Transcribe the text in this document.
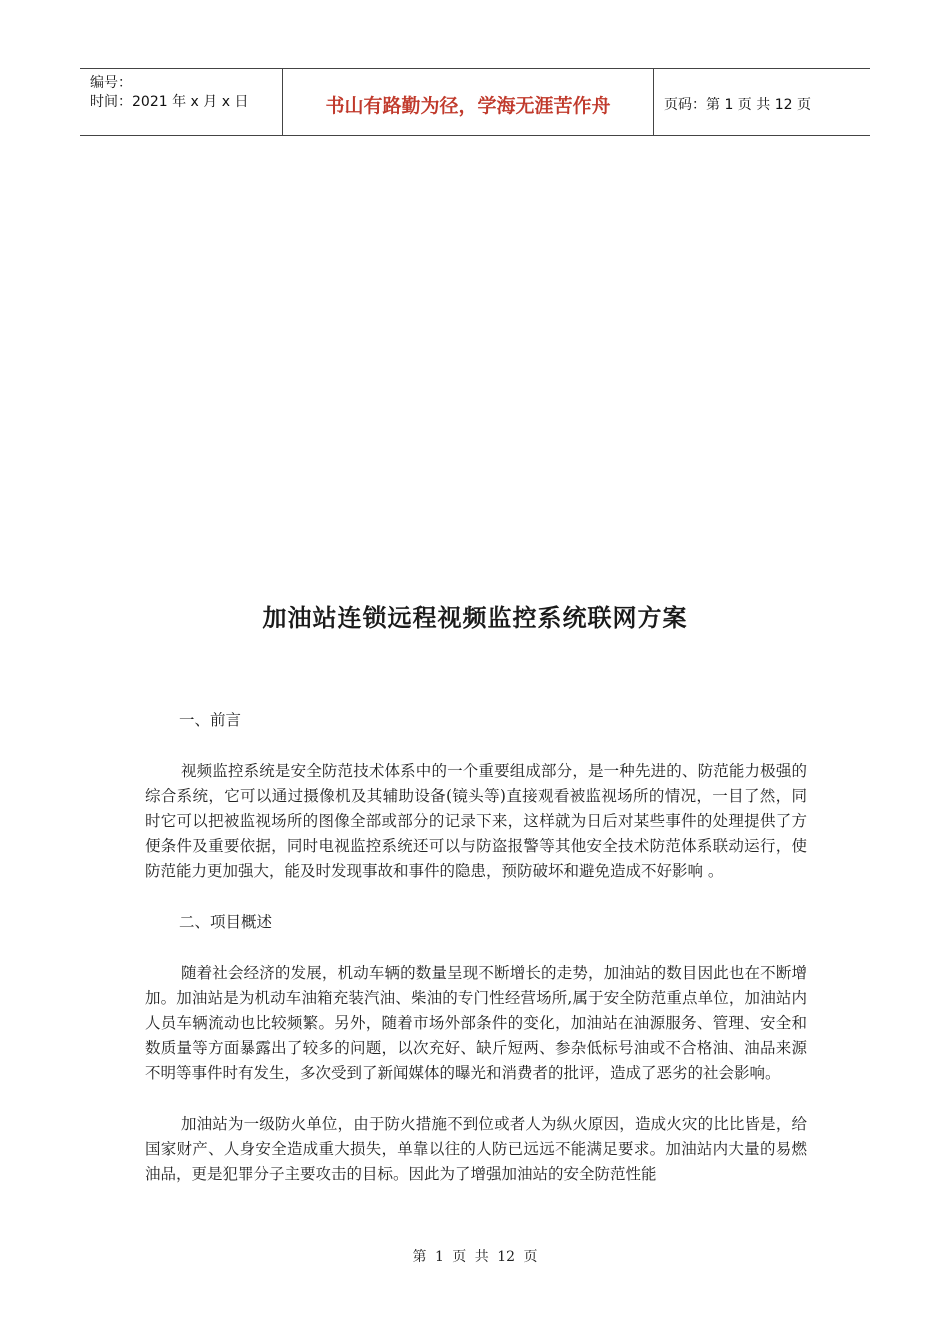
编号：
时间：2021 年 x 月 x 日	书山有路勤为径，学海无涯苦作舟	页码：第 1 页 共 12 页
加油站连锁远程视频监控系统联网方案

一、前言

视频监控系统是安全防范技术体系中的一个重要组成部分，是一种先进的、防范能力极强的综合系统，它可以通过摄像机及其辅助设备(镜头等)直接观看被监视场所的情况，一目了然，同时它可以把被监视场所的图像全部或部分的记录下来，这样就为日后对某些事件的处理提供了方便条件及重要依据，同时电视监控系统还可以与防盗报警等其他安全技术防范体系联动运行，使防范能力更加强大，能及时发现事故和事件的隐患，预防破坏和避免造成不好影响 。

二、项目概述

随着社会经济的发展，机动车辆的数量呈现不断增长的走势，加油站的数目因此也在不断增加。加油站是为机动车油箱充装汽油、柴油的专门性经营场所,属于安全防范重点单位，加油站内人员车辆流动也比较频繁。另外，随着市场外部条件的变化，加油站在油源服务、管理、安全和数质量等方面暴露出了较多的问题，以次充好、缺斤短两、参杂低标号油或不合格油、油品来源不明等事件时有发生，多次受到了新闻媒体的曝光和消费者的批评，造成了恶劣的社会影响。

加油站为一级防火单位，由于防火措施不到位或者人为纵火原因，造成火灾的比比皆是，给国家财产、人身安全造成重大损失，单靠以往的人防已远远不能满足要求。加油站内大量的易燃油品，更是犯罪分子主要攻击的目标。因此为了增强加油站的安全防范性能

第 1 页 共 12 页
